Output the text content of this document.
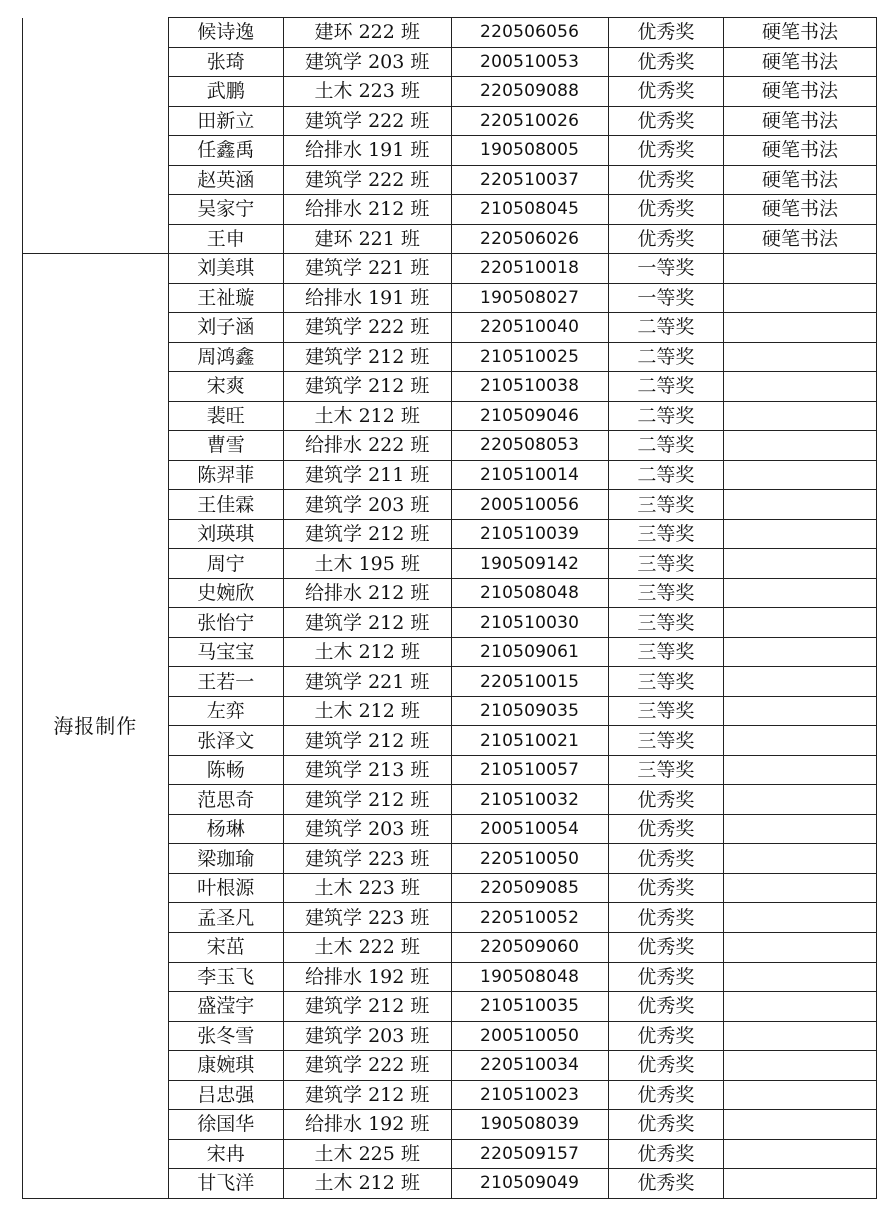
	候诗逸	建环 222 班	220506056	优秀奖	硬笔书法
	张琦	建筑学 203 班	200510053	优秀奖	硬笔书法
	武鹏	土木 223 班	220509088	优秀奖	硬笔书法
	田新立	建筑学 222 班	220510026	优秀奖	硬笔书法
	任鑫禹	给排水 191 班	190508005	优秀奖	硬笔书法
	赵英涵	建筑学 222 班	220510037	优秀奖	硬笔书法
	吴家宁	给排水 212 班	210508045	优秀奖	硬笔书法
	王申	建环 221 班	220506026	优秀奖	硬笔书法
海报制作	刘美琪	建筑学 221 班	220510018	一等奖	
	王祉璇	给排水 191 班	190508027	一等奖	
	刘子涵	建筑学 222 班	220510040	二等奖	
	周鸿鑫	建筑学 212 班	210510025	二等奖	
	宋爽	建筑学 212 班	210510038	二等奖	
	裴旺	土木 212 班	210509046	二等奖	
	曹雪	给排水 222 班	220508053	二等奖	
	陈羿菲	建筑学 211 班	210510014	二等奖	
	王佳霖	建筑学 203 班	200510056	三等奖	
	刘瑛琪	建筑学 212 班	210510039	三等奖	
	周宁	土木 195 班	190509142	三等奖	
	史婉欣	给排水 212 班	210508048	三等奖	
	张怡宁	建筑学 212 班	210510030	三等奖	
	马宝宝	土木 212 班	210509061	三等奖	
	王若一	建筑学 221 班	220510015	三等奖	
	左弈	土木 212 班	210509035	三等奖	
	张泽文	建筑学 212 班	210510021	三等奖	
	陈畅	建筑学 213 班	210510057	三等奖	
	范思奇	建筑学 212 班	210510032	优秀奖	
	杨琳	建筑学 203 班	200510054	优秀奖	
	梁珈瑜	建筑学 223 班	220510050	优秀奖	
	叶根源	土木 223 班	220509085	优秀奖	
	孟圣凡	建筑学 223 班	220510052	优秀奖	
	宋茁	土木 222 班	220509060	优秀奖	
	李玉飞	给排水 192 班	190508048	优秀奖	
	盛滢宇	建筑学 212 班	210510035	优秀奖	
	张冬雪	建筑学 203 班	200510050	优秀奖	
	康婉琪	建筑学 222 班	220510034	优秀奖	
	吕忠强	建筑学 212 班	210510023	优秀奖	
	徐国华	给排水 192 班	190508039	优秀奖	
	宋冉	土木 225 班	220509157	优秀奖	
	甘飞洋	土木 212 班	210509049	优秀奖	
